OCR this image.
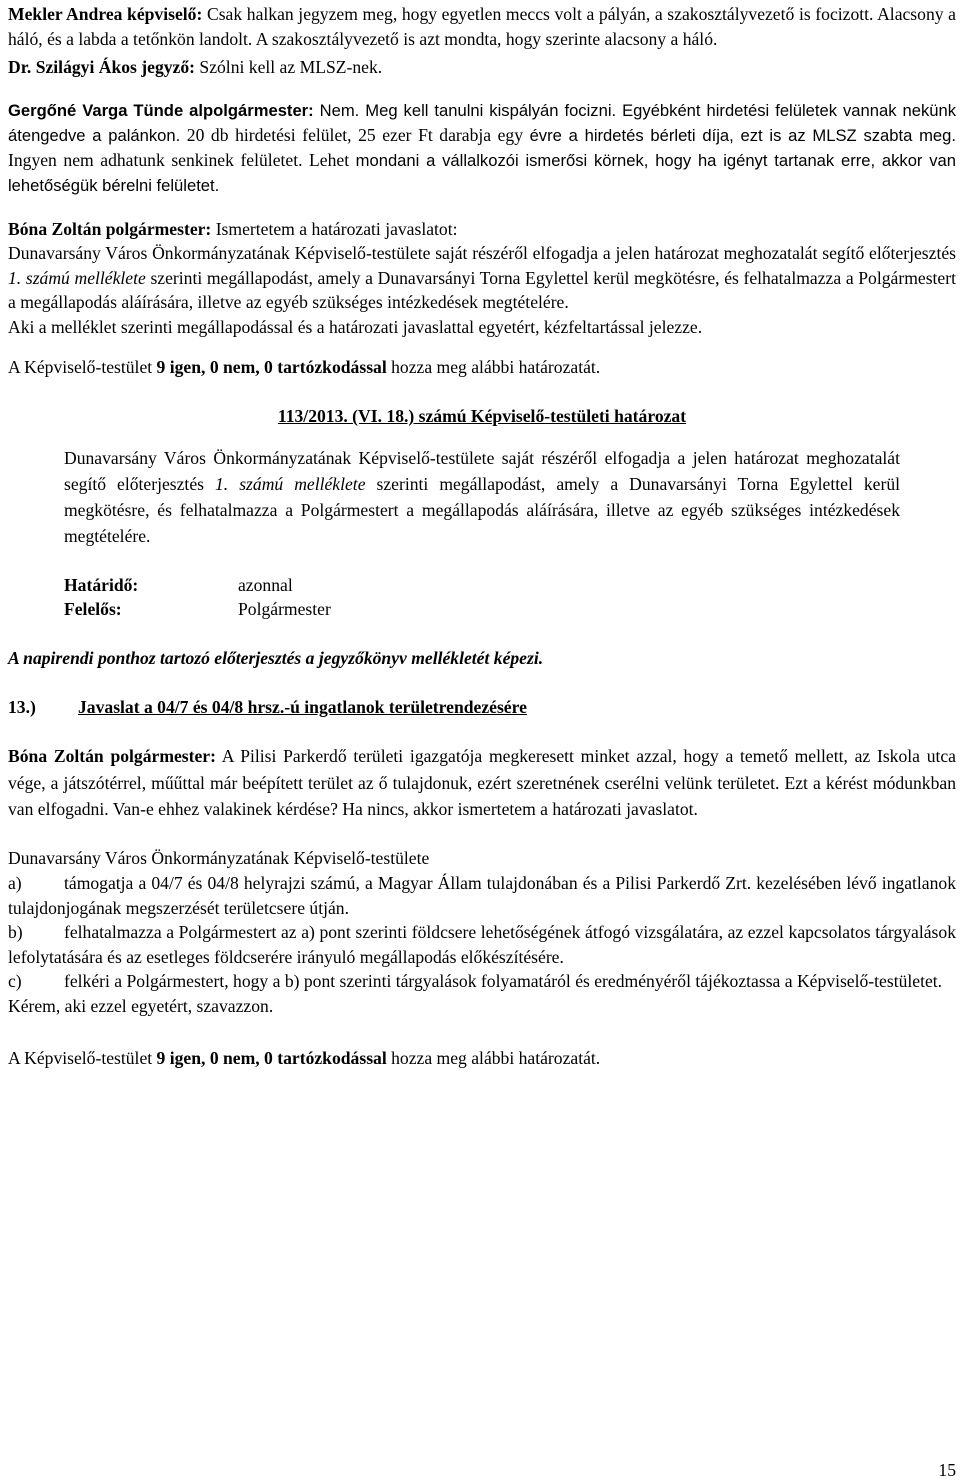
Mekler Andrea képviselő: Csak halkan jegyzem meg, hogy egyetlen meccs volt a pályán, a szakosztályvezető is focizott. Alacsony a háló, és a labda a tetőnkön landolt. A szakosztályvezető is azt mondta, hogy szerinte alacsony a háló.

Dr. Szilágyi Ákos jegyző: Szólni kell az MLSZ-nek.

Gergőné Varga Tünde alpolgármester: Nem. Meg kell tanulni kispályán focizni. Egyébként hirdetési felületek vannak nekünk átengedve a palánkon. 20 db hirdetési felület, 25 ezer Ft darabja egy évre a hirdetés bérleti díja, ezt is az MLSZ szabta meg. Ingyen nem adhatunk senkinek felületet. Lehet mondani a vállalkozói ismerősi körnek, hogy ha igényt tartanak erre, akkor van lehetőségük bérelni felületet.

Bóna Zoltán polgármester: Ismertetem a határozati javaslatot:

Dunavarsány Város Önkormányzatának Képviselő-testülete saját részéről elfogadja a jelen határozat meghozatalát segítő előterjesztés 1. számú melléklete szerinti megállapodást, amely a Dunavarsányi Torna Egylettel kerül megkötésre, és felhatalmazza a Polgármestert a megállapodás aláírására, illetve az egyéb szükséges intézkedések megtételére.

Aki a melléklet szerinti megállapodással és a határozati javaslattal egyetért, kézfeltartással jelezze.

A Képviselő-testület 9 igen, 0 nem, 0 tartózkodással hozza meg alábbi határozatát.

113/2013. (VI. 18.) számú Képviselő-testületi határozat

Dunavarsány Város Önkormányzatának Képviselő-testülete saját részéről elfogadja a jelen határozat meghozatalát segítő előterjesztés 1. számú melléklete szerinti megállapodást, amely a Dunavarsányi Torna Egylettel kerül megkötésre, és felhatalmazza a Polgármestert a megállapodás aláírására, illetve az egyéb szükséges intézkedések megtételére.

Határidő:	azonnal
Felelős:	Polgármester

A napirendi ponthoz tartozó előterjesztés a jegyzőkönyv mellékletét képezi.

13.)	Javaslat a 04/7 és 04/8 hrsz.-ú ingatlanok területrendezésére

Bóna Zoltán polgármester: A Pilisi Parkerdő területi igazgatója megkeresett minket azzal, hogy a temető mellett, az Iskola utca vége, a játszótérrel, műűttal már beépített terület az ő tulajdonuk, ezért szeretnének cserélni velünk területet. Ezt a kérést módunkban van elfogadni. Van-e ehhez valakinek kérdése? Ha nincs, akkor ismertetem a határozati javaslatot.

Dunavarsány Város Önkormányzatának Képviselő-testülete

a) támogatja a 04/7 és 04/8 helyrajzi számú, a Magyar Állam tulajdonában és a Pilisi Parkerdő Zrt. kezelésében lévő ingatlanok tulajdonjogának megszerzését területcsere útján.

b) felhatalmazza a Polgármestert az a) pont szerinti földcsere lehetőségének átfogó vizsgálatára, az ezzel kapcsolatos tárgyalások lefolytatására és az esetleges földcserére irányuló megállapodás előkészítésére.

c) felkéri a Polgármestert, hogy a b) pont szerinti tárgyalások folyamatáról és eredményéről tájékoztassa a Képviselő-testületet.

Kérem, aki ezzel egyetért, szavazzon.

A Képviselő-testület 9 igen, 0 nem, 0 tartózkodással hozza meg alábbi határozatát.

15
